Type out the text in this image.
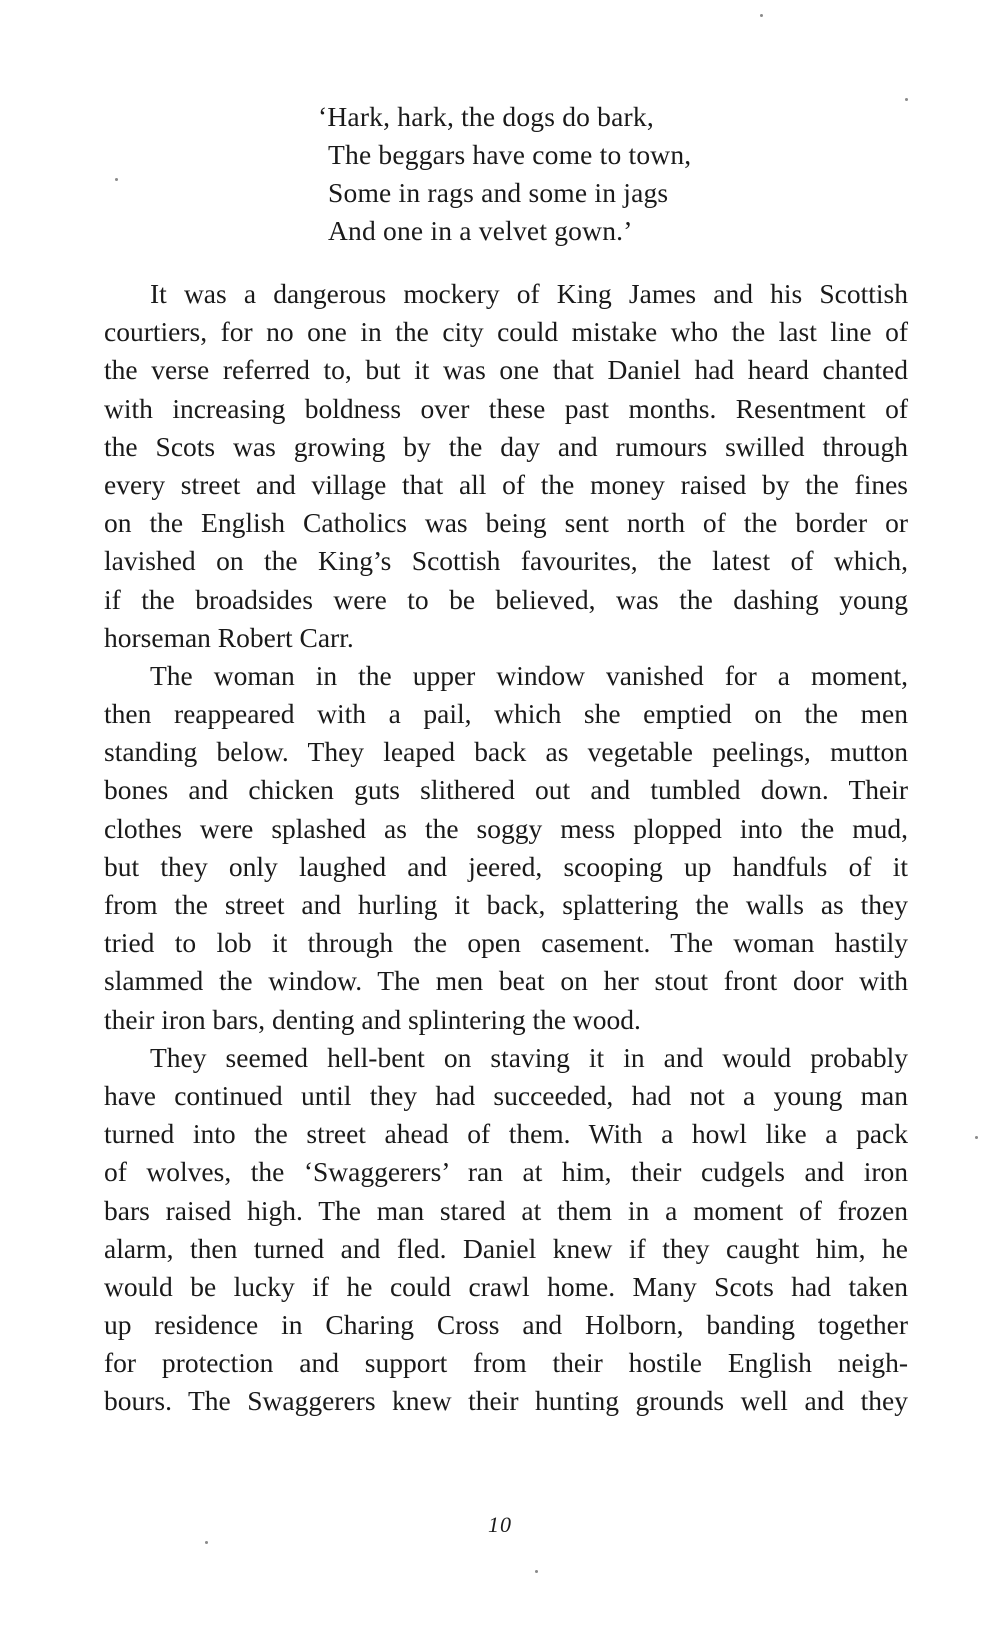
‘Hark, hark, the dogs do bark,
The beggars have come to town,
Some in rags and some in jags
And one in a velvet gown.’
It was a dangerous mockery of King James and his Scottish
courtiers, for no one in the city could mistake who the last line of
the verse referred to, but it was one that Daniel had heard chanted
with increasing boldness over these past months. Resentment of
the Scots was growing by the day and rumours swilled through
every street and village that all of the money raised by the fines
on the English Catholics was being sent north of the border or
lavished on the King’s Scottish favourites, the latest of which,
if the broadsides were to be believed, was the dashing young
horseman Robert Carr.
The woman in the upper window vanished for a moment,
then reappeared with a pail, which she emptied on the men
standing below. They leaped back as vegetable peelings, mutton
bones and chicken guts slithered out and tumbled down. Their
clothes were splashed as the soggy mess plopped into the mud,
but they only laughed and jeered, scooping up handfuls of it
from the street and hurling it back, splattering the walls as they
tried to lob it through the open casement. The woman hastily
slammed the window. The men beat on her stout front door with
their iron bars, denting and splintering the wood.
They seemed hell-bent on staving it in and would probably
have continued until they had succeeded, had not a young man
turned into the street ahead of them. With a howl like a pack
of wolves, the ‘Swaggerers’ ran at him, their cudgels and iron
bars raised high. The man stared at them in a moment of frozen
alarm, then turned and fled. Daniel knew if they caught him, he
would be lucky if he could crawl home. Many Scots had taken
up residence in Charing Cross and Holborn, banding together
for protection and support from their hostile English neigh-
bours. The Swaggerers knew their hunting grounds well and they
10
